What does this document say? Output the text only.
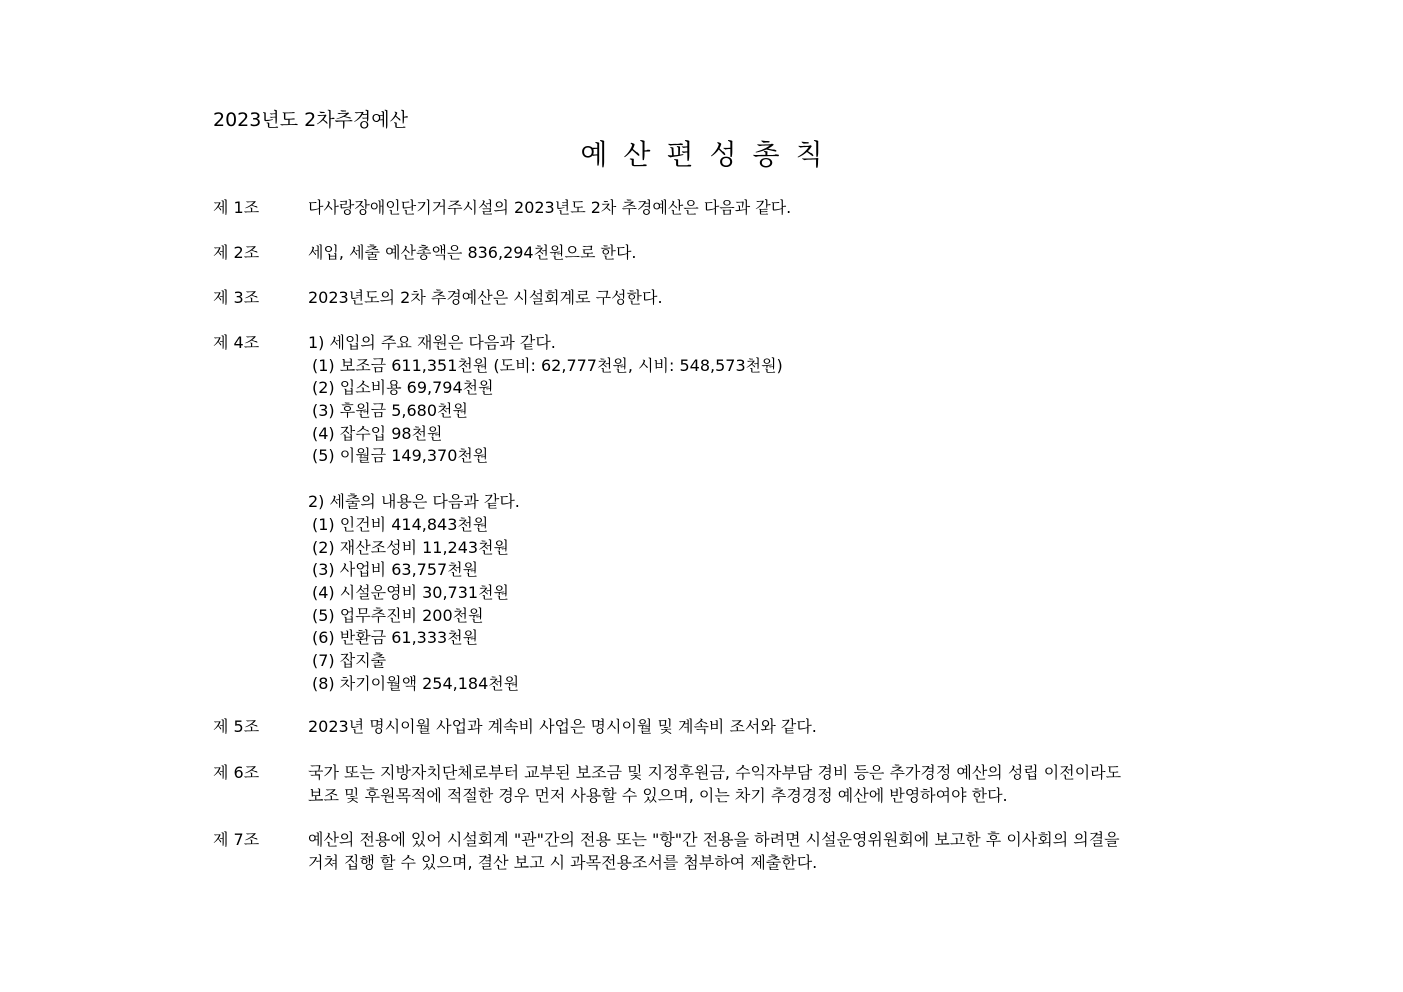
2023년도 2차추경예산
예산편성총칙
제 1조	다사랑장애인단기거주시설의 2023년도 2차 추경예산은 다음과 같다.
제 2조	세입, 세출 예산총액은 836,294천원으로 한다.
제 3조	2023년도의 2차 추경예산은 시설회계로 구성한다.
제 4조	1) 세입의 주요 재원은 다음과 같다.
(1) 보조금 611,351천원 (도비: 62,777천원, 시비: 548,573천원)
(2) 입소비용 69,794천원
(3) 후원금 5,680천원
(4) 잡수입 98천원
(5) 이월금 149,370천원
2) 세출의 내용은 다음과 같다.
(1) 인건비 414,843천원
(2) 재산조성비 11,243천원
(3) 사업비 63,757천원
(4) 시설운영비 30,731천원
(5) 업무추진비 200천원
(6) 반환금 61,333천원
(7) 잡지출
(8) 차기이월액 254,184천원
제 5조	2023년 명시이월 사업과 계속비 사업은 명시이월 및 계속비 조서와 같다.
제 6조	국가 또는 지방자치단체로부터 교부된 보조금 및 지정후원금, 수익자부담 경비 등은 추가경정 예산의 성립 이전이라도
보조 및 후원목적에 적절한 경우 먼저 사용할 수 있으며, 이는 차기 추경경정 예산에 반영하여야 한다.
제 7조	예산의 전용에 있어 시설회계 "관"간의 전용 또는 "항"간 전용을 하려면 시설운영위원회에 보고한 후 이사회의 의결을
거쳐 집행 할 수 있으며, 결산 보고 시 과목전용조서를 첨부하여 제출한다.
